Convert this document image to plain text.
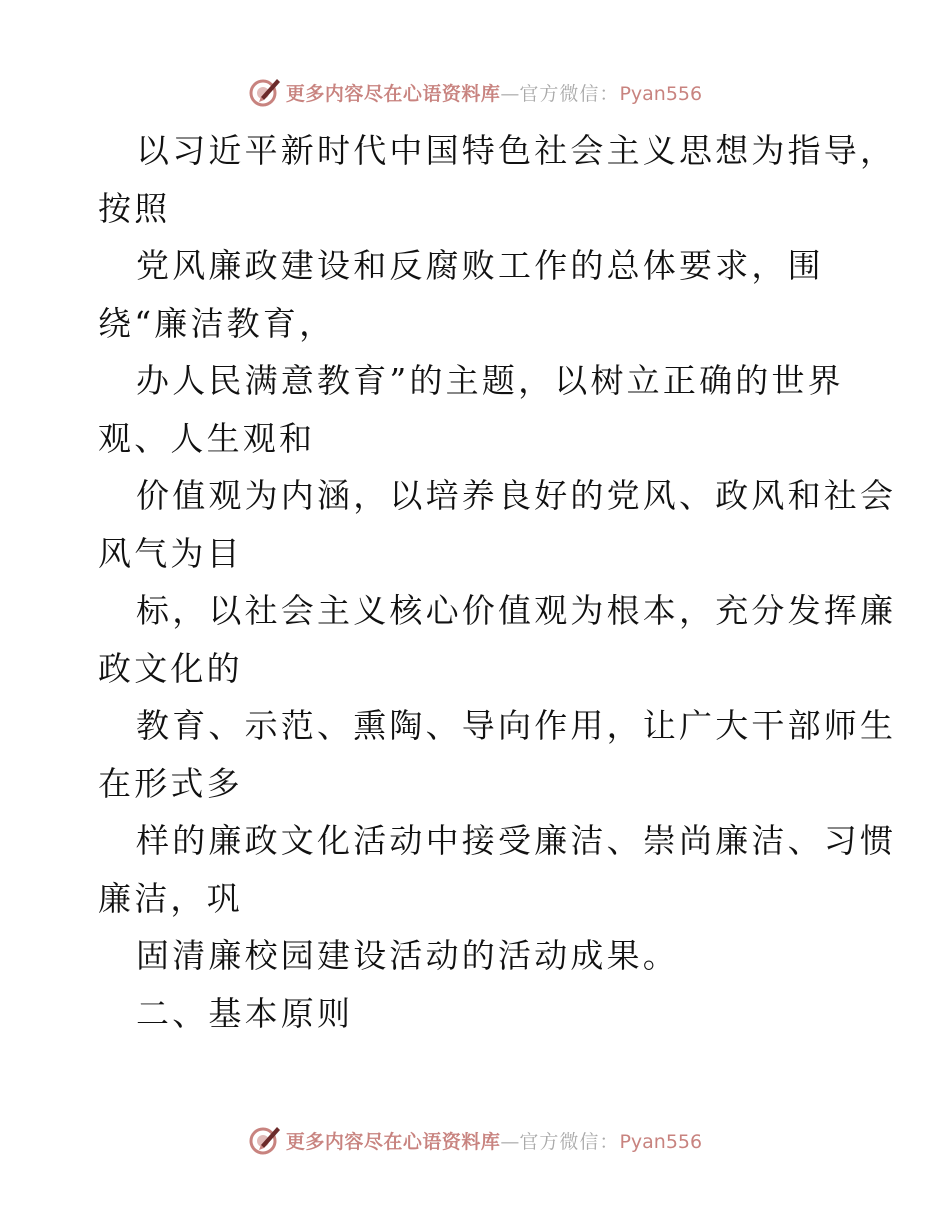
更多内容尽在心语资料库 — 官方微信： Pyan556
以习近平新时代中国特色社会主义思想为指导，
按照
党风廉政建设和反腐败工作的总体要求，围
绕“廉洁教育，
办人民满意教育”的主题，以树立正确的世界
观、人生观和
价值观为内涵，以培养良好的党风、政风和社会
风气为目
标，以社会主义核心价值观为根本，充分发挥廉
政文化的
教育、示范、熏陶、导向作用，让广大干部师生
在形式多
样的廉政文化活动中接受廉洁、崇尚廉洁、习惯
廉洁，巩
固清廉校园建设活动的活动成果。
二、基本原则
更多内容尽在心语资料库 — 官方微信： Pyan556
